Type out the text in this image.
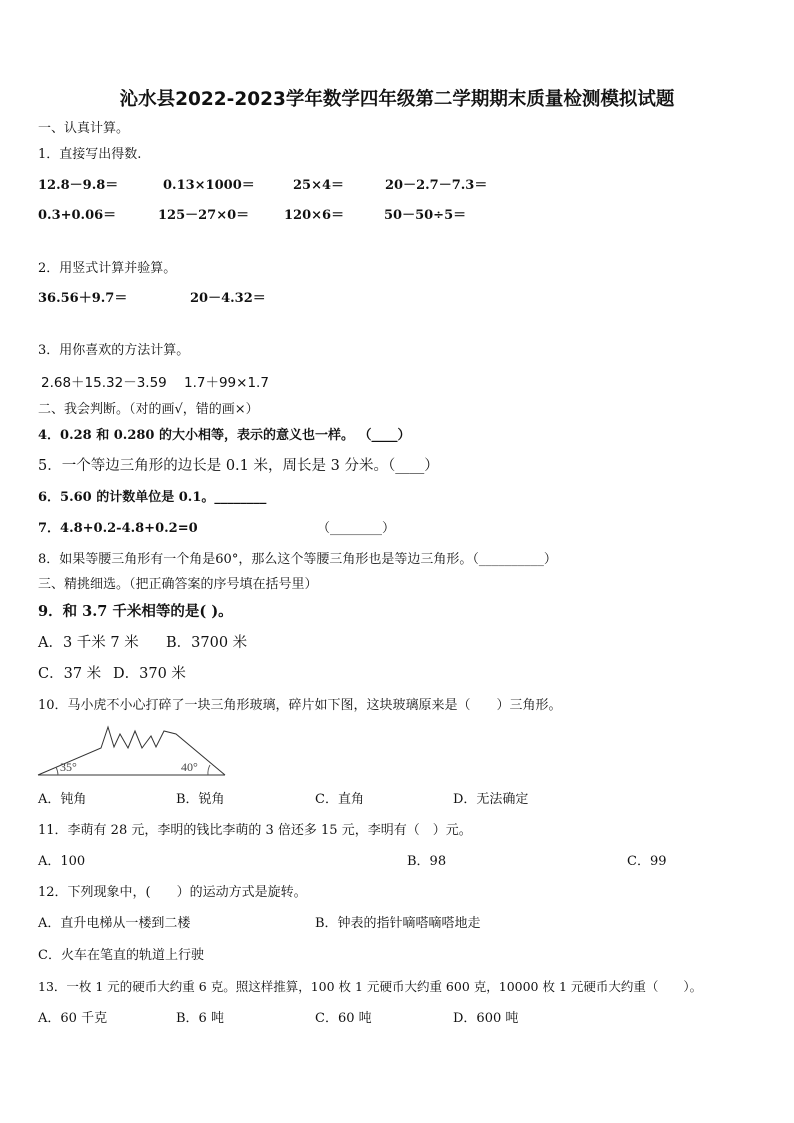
沁水县2022-2023学年数学四年级第二学期期末质量检测模拟试题
一、认真计算。
1．直接写出得数.
12.8－9.8＝	0.13×1000＝	25×4＝	20－2.7－7.3＝
0.3+0.06＝	125－27×0＝	120×6＝	50－50÷5＝
2．用竖式计算并验算。
36.56＋9.7＝	20－4.32＝
3．用你喜欢的方法计算。
2.68＋15.32－3.59 1.7＋99×1.7
二、我会判断。（对的画√，错的画×）
4．0.28 和 0.280 的大小相等，表示的意义也一样。 （____）
5．一个等边三角形的边长是 0.1 米，周长是 3 分米。（____）
6．5.60 的计数单位是 0.1。________
7．4.8+0.2-4.8+0.2=0	（________）
8．如果等腰三角形有一个角是60°，那么这个等腰三角形也是等边三角形。（__________）
三、精挑细选。（把正确答案的序号填在括号里）
9．和 3.7 千米相等的是( )。
A．3 千米 7 米 B．3700 米
C．37 米 D．370 米
10．马小虎不小心打碎了一块三角形玻璃，碎片如下图，这块玻璃原来是（　　）三角形。
35°	40°
A．钝角	B．锐角	C．直角	D．无法确定
11．李萌有 28 元，李明的钱比李萌的 3 倍还多 15 元，李明有（　）元。
A．100	B．98	C．99
12．下列现象中，(　　）的运动方式是旋转。
A．直升电梯从一楼到二楼	B．钟表的指针嘀嗒嘀嗒地走
C．火车在笔直的轨道上行驶
13．一枚 1 元的硬币大约重 6 克。照这样推算，100 枚 1 元硬币大约重 600 克，10000 枚 1 元硬币大约重（　　）。
A．60 千克	B．6 吨	C．60 吨	D．600 吨
